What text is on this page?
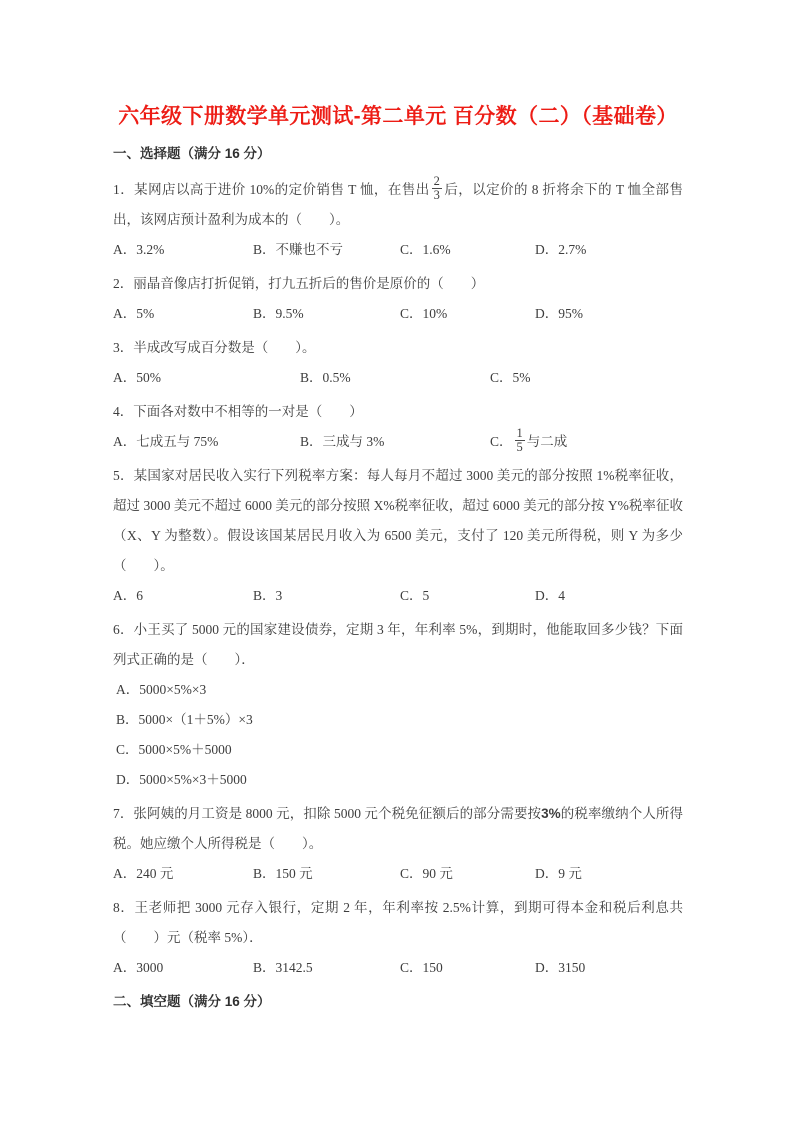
六年级下册数学单元测试-第二单元 百分数（二）（基础卷）
一、选择题（满分 16 分）

1．某网店以高于进价 10%的定价销售 T 恤，在售出 $\frac{2}{3}$ 后，以定价的 8 折将余下的 T 恤全部售出，该网店预计盈利为成本的（　　）。

A．3.2%	B．不赚也不亏	C．1.6%	D．2.7%

2．丽晶音像店打折促销，打九五折后的售价是原价的（　　）

A．5%	B．9.5%	C．10%	D．95%

3．半成改写成百分数是（　　）。

A．50%	B．0.5%	C．5%

4．下面各对数中不相等的一对是（　　）

A．七成五与 75%	B．三成与 3%	C． $\frac{1}{5}$ 与二成

5．某国家对居民收入实行下列税率方案：每人每月不超过 3000 美元的部分按照 1%税率征收，超过 3000 美元不超过 6000 美元的部分按照 X%税率征收，超过 6000 美元的部分按 Y%税率征收（X、Y 为整数）。假设该国某居民月收入为 6500 美元，支付了 120 美元所得税，则 Y 为多少（　　）。

A．6	B．3	C．5	D．4

6．小王买了 5000 元的国家建设债券，定期 3 年，年利率 5%，到期时，他能取回多少钱？下面列式正确的是（　　）．

A．5000×5%×3
B．5000×（1＋5%）×3
C．5000×5%＋5000
D．5000×5%×3＋5000

7．张阿姨的月工资是 8000 元，扣除 5000 元个税免征额后的部分需要按3%的税率缴纳个人所得税。她应缴个人所得税是（　　）。

A．240 元	B．150 元	C．90 元	D．9 元

8．王老师把 3000 元存入银行，定期 2 年，年利率按 2.5%计算，到期可得本金和税后利息共（　　）元（税率 5%）．

A．3000	B．3142.5	C．150	D．3150

二、填空题（满分 16 分）
